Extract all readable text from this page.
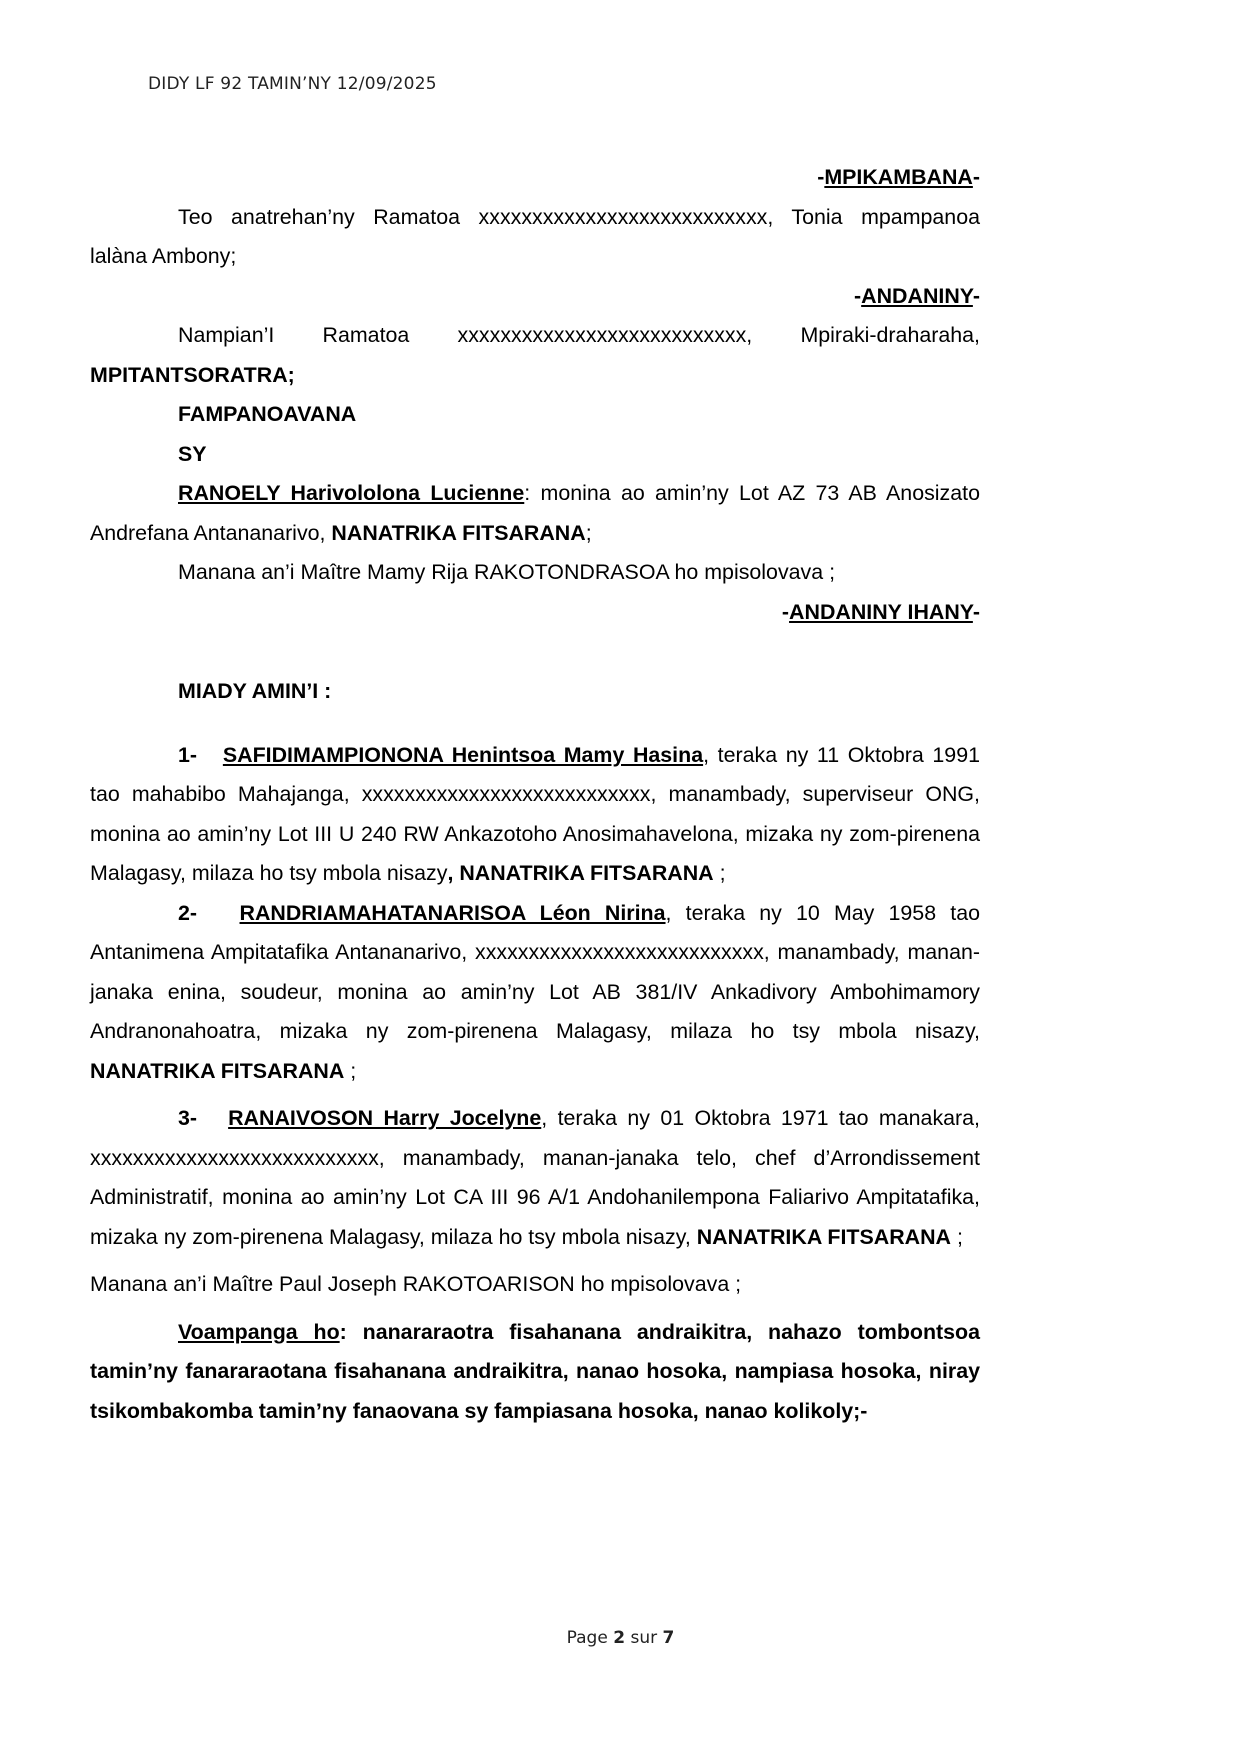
DIDY LF 92 TAMIN’NY 12/09/2025

-MPIKAMBANA-

Teo anatrehan’ny Ramatoa xxxxxxxxxxxxxxxxxxxxxxxxxxx, Tonia mpampanoa lalàna Ambony;

-ANDANINY-

Nampian’I Ramatoa xxxxxxxxxxxxxxxxxxxxxxxxxxx, Mpiraki-draharaha, MPITANTSORATRA;

FAMPANOAVANA

SY

RANOELY Harivololona Lucienne: monina ao amin’ny Lot AZ 73 AB Anosizato Andrefana Antananarivo, NANATRIKA FITSARANA;

Manana an’i Maître Mamy Rija RAKOTONDRASOA ho mpisolovava ;

-ANDANINY IHANY-

MIADY AMIN’I :

1- SAFIDIMAMPIONONA Henintsoa Mamy Hasina, teraka ny 11 Oktobra 1991 tao mahabibo Mahajanga, xxxxxxxxxxxxxxxxxxxxxxxxxxx, manambady, superviseur ONG, monina ao amin’ny Lot III U 240 RW Ankazotoho Anosimahavelona, mizaka ny zom-pirenena Malagasy, milaza ho tsy mbola nisazy, NANATRIKA FITSARANA ;

2- RANDRIAMAHATANARISOA Léon Nirina, teraka ny 10 May 1958 tao Antanimena Ampitatafika Antananarivo, xxxxxxxxxxxxxxxxxxxxxxxxxxx, manambady, manan-janaka enina, soudeur, monina ao amin’ny Lot AB 381/IV Ankadivory Ambohimamory Andranonahoatra, mizaka ny zom-pirenena Malagasy, milaza ho tsy mbola nisazy, NANATRIKA FITSARANA ;

3- RANAIVOSON Harry Jocelyne, teraka ny 01 Oktobra 1971 tao manakara, xxxxxxxxxxxxxxxxxxxxxxxxxxx, manambady, manan-janaka telo, chef d’Arrondissement Administratif, monina ao amin’ny Lot CA III 96 A/1 Andohanilempona Faliarivo Ampitatafika, mizaka ny zom-pirenena Malagasy, milaza ho tsy mbola nisazy, NANATRIKA FITSARANA ;

Manana an’i Maître Paul Joseph RAKOTOARISON ho mpisolovava ;

Voampanga ho: nanararaotra fisahanana andraikitra, nahazo tombontsoa tamin’ny fanararaotana fisahanana andraikitra, nanao hosoka, nampiasa hosoka, niray tsikombakomba tamin’ny fanaovana sy fampiasana hosoka, nanao kolikoly;-

Page 2 sur 7
